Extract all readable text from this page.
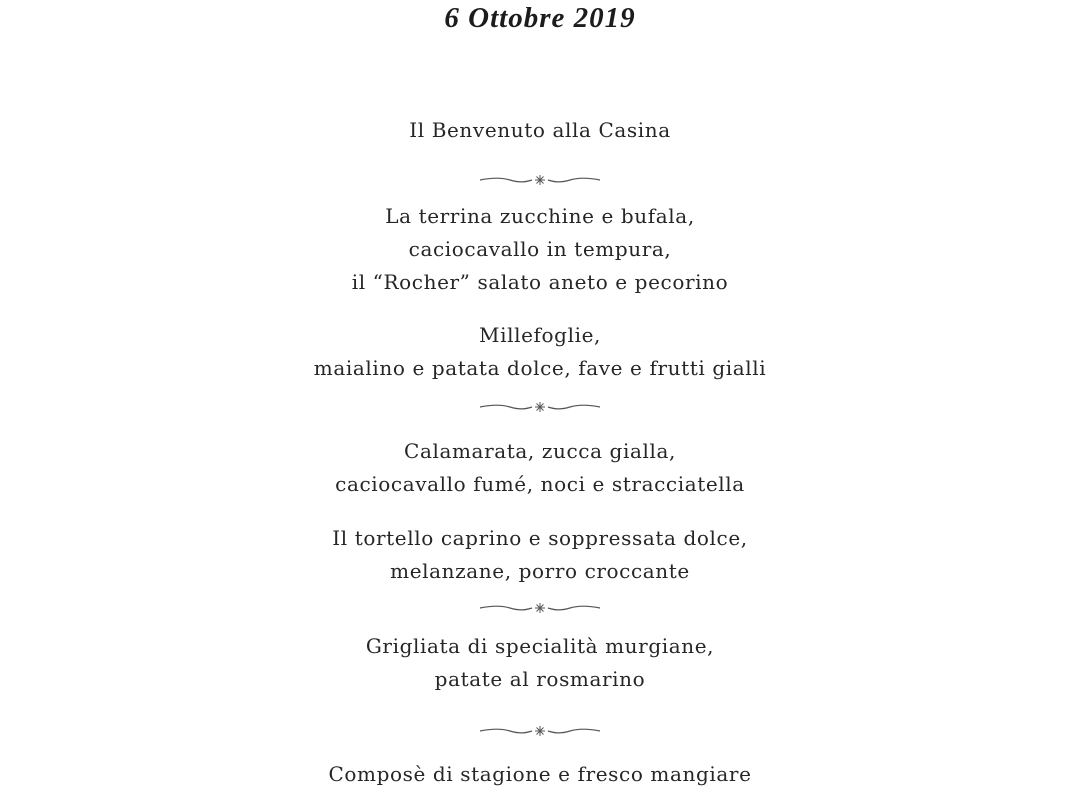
6 Ottobre 2019
Il Benvenuto alla Casina
La terrina zucchine e bufala,
caciocavallo in tempura,
il “Rocher” salato aneto e pecorino
Millefoglie,
maialino e patata dolce, fave e frutti gialli
Calamarata, zucca gialla,
caciocavallo fumé, noci e stracciatella
Il tortello caprino e soppressata dolce,
melanzane, porro croccante
Grigliata di specialità murgiane,
patate al rosmarino
Composè di stagione e fresco mangiare
